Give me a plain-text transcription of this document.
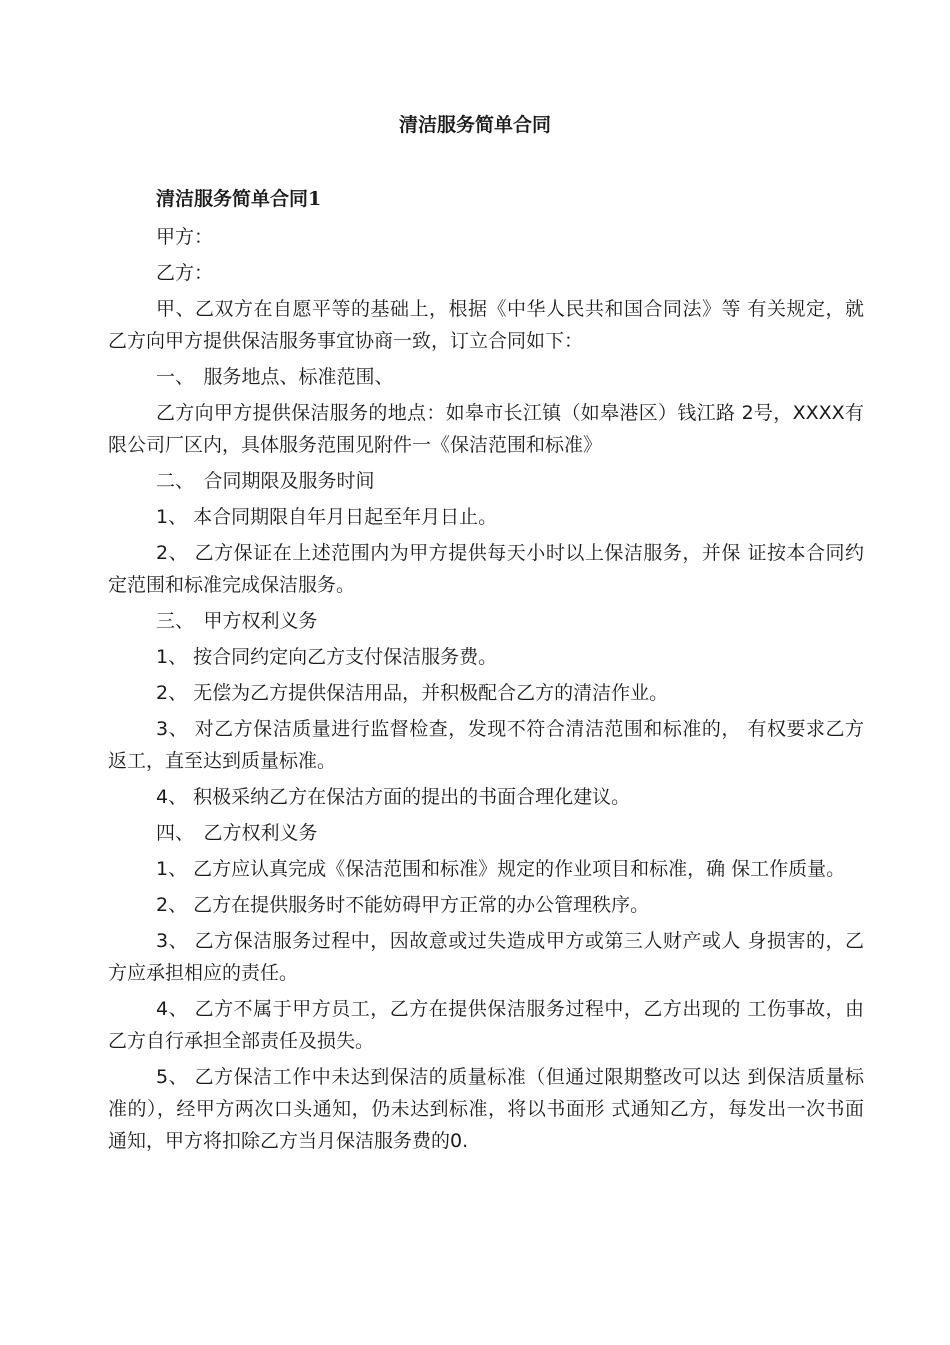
清洁服务简单合同

清洁服务简单合同1

甲方：

乙方：

甲、乙双方在自愿平等的基础上，根据《中华人民共和国合同法》等 有关规定，就乙方向甲方提供保洁服务事宜协商一致，订立合同如下：

一、　服务地点、标准范围、

乙方向甲方提供保洁服务的地点：如皋市长江镇（如皋港区）钱江路 2号，XXXX有限公司厂区内，具体服务范围见附件一《保洁范围和标准》

二、　合同期限及服务时间

1、 本合同期限自年月日起至年月日止。

2、 乙方保证在上述范围内为甲方提供每天小时以上保洁服务，并保 证按本合同约定范围和标准完成保洁服务。

三、　甲方权利义务

1、 按合同约定向乙方支付保洁服务费。

2、 无偿为乙方提供保洁用品，并积极配合乙方的清洁作业。

3、 对乙方保洁质量进行监督检查，发现不符合清洁范围和标准的， 有权要求乙方返工，直至达到质量标准。

4、 积极采纳乙方在保沽方面的提出的书面合理化建议。

四、　乙方权利义务

1、 乙方应认真完成《保洁范围和标准》规定的作业项目和标准，确 保工作质量。

2、 乙方在提供服务时不能妨碍甲方正常的办公管理秩序。

3、 乙方保洁服务过程中，因故意或过失造成甲方或第三人财产或人 身损害的，乙方应承担相应的责任。

4、 乙方不属于甲方员工，乙方在提供保洁服务过程中，乙方出现的 工伤事故，由乙方自行承担全部责任及损失。

5、 乙方保洁工作中未达到保洁的质量标准（但通过限期整改可以达 到保洁质量标准的），经甲方两次口头通知，仍未达到标准，将以书面形 式通知乙方，每发出一次书面通知，甲方将扣除乙方当月保洁服务费的0.
